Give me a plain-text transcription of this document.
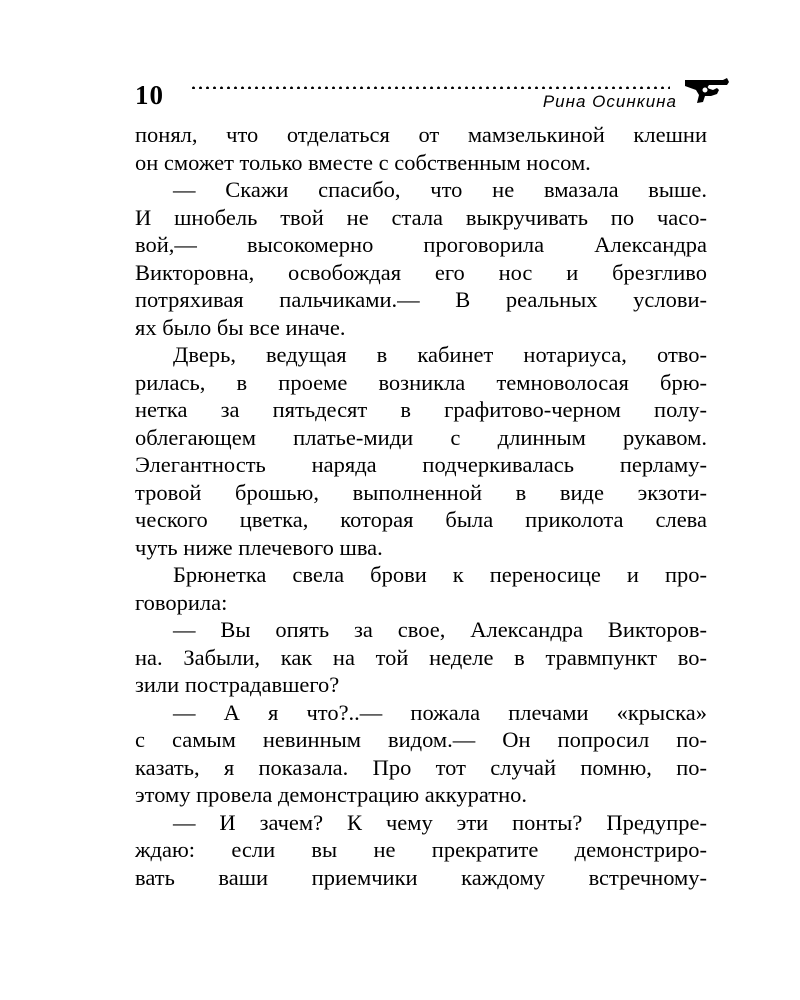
10	Рина Осинкина
понял, что отделаться от мамзелькиной клешни
он сможет только вместе с собственным носом.
— Скажи спасибо, что не вмазала выше.
И шнобель твой не стала выкручивать по часо-
вой,— высокомерно проговорила Александра
Викторовна, освобождая его нос и брезгливо
потряхивая пальчиками.— В реальных услови-
ях было бы все иначе.
Дверь, ведущая в кабинет нотариуса, отво-
рилась, в проеме возникла темноволосая брю-
нетка за пятьдесят в графитово-черном полу-
облегающем платье-миди с длинным рукавом.
Элегантность наряда подчеркивалась перламу-
тровой брошью, выполненной в виде экзоти-
ческого цветка, которая была приколота слева
чуть ниже плечевого шва.
Брюнетка свела брови к переносице и про-
говорила:
— Вы опять за свое, Александра Викторов-
на. Забыли, как на той неделе в травмпункт во-
зили пострадавшего?
— А я что?..— пожала плечами «крыска»
с самым невинным видом.— Он попросил по-
казать, я показала. Про тот случай помню, по-
этому провела демонстрацию аккуратно.
— И зачем? К чему эти понты? Предупре-
ждаю: если вы не прекратите демонстриро-
вать ваши приемчики каждому встречному-
